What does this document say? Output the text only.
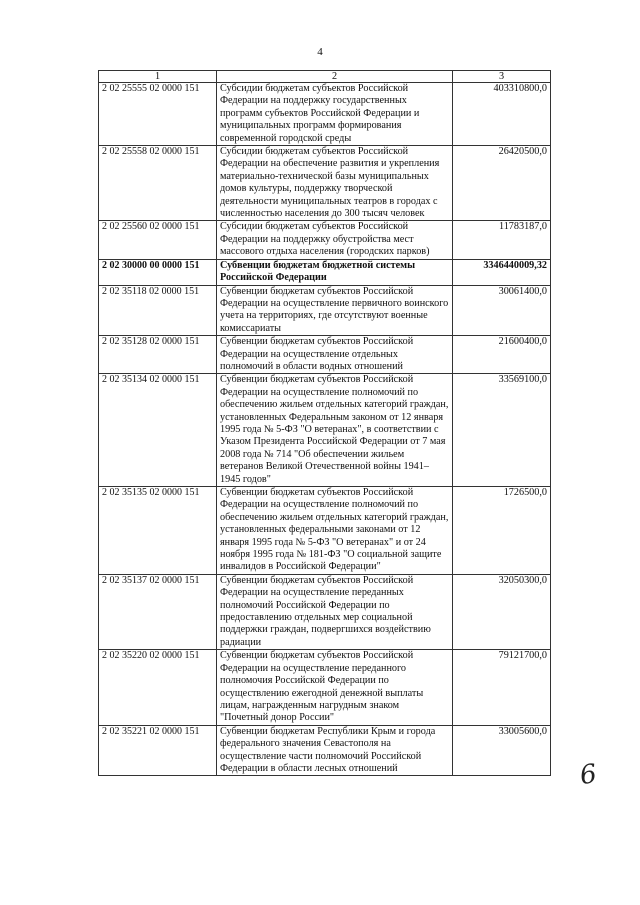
4
1	2	3
2 02 25555 02 0000 151	Субсидии бюджетам субъектов Российской Федерации на поддержку государственных программ субъектов Российской Федерации и муниципальных программ формирования современной городской среды	403310800,0
2 02 25558 02 0000 151	Субсидии бюджетам субъектов Российской Федерации на обеспечение развития и укрепления материально-технической базы муниципальных домов культуры, поддержку творческой деятельности муниципальных театров в городах с численностью населения до 300 тысяч человек	26420500,0
2 02 25560 02 0000 151	Субсидии бюджетам субъектов Российской Федерации на поддержку обустройства мест массового отдыха населения (городских парков)	11783187,0
2 02 30000 00 0000 151	Субвенции бюджетам бюджетной системы Российской Федерации	3346440009,32
2 02 35118 02 0000 151	Субвенции бюджетам субъектов Российской Федерации на осуществление первичного воинского учета на территориях, где отсутствуют военные комиссариаты	30061400,0
2 02 35128 02 0000 151	Субвенции бюджетам субъектов Российской Федерации на осуществление отдельных полномочий в области водных отношений	21600400,0
2 02 35134 02 0000 151	Субвенции бюджетам субъектов Российской Федерации на осуществление полномочий по обеспечению жильем отдельных категорий граждан, установленных Федеральным законом от 12 января 1995 года № 5-ФЗ "О ветеранах", в соответствии с Указом Президента Российской Федерации от 7 мая 2008 года № 714 "Об обеспечении жильем ветеранов Великой Отечественной войны 1941–1945 годов"	33569100,0
2 02 35135 02 0000 151	Субвенции бюджетам субъектов Российской Федерации на осуществление полномочий по обеспечению жильем отдельных категорий граждан, установленных федеральными законами от 12 января 1995 года № 5-ФЗ "О ветеранах" и от 24 ноября 1995 года № 181-ФЗ "О социальной защите инвалидов в Российской Федерации"	1726500,0
2 02 35137 02 0000 151	Субвенции бюджетам субъектов Российской Федерации на осуществление переданных полномочий Российской Федерации по предоставлению отдельных мер социальной поддержки граждан, подвергшихся воздействию радиации	32050300,0
2 02 35220 02 0000 151	Субвенции бюджетам субъектов Российской Федерации на осуществление переданного полномочия Российской Федерации по осуществлению ежегодной денежной выплаты лицам, награжденным нагрудным знаком "Почетный донор России"	79121700,0
2 02 35221 02 0000 151	Субвенции бюджетам Республики Крым и города федерального значения Севастополя на осуществление части полномочий Российской Федерации в области лесных отношений	33005600,0
6
